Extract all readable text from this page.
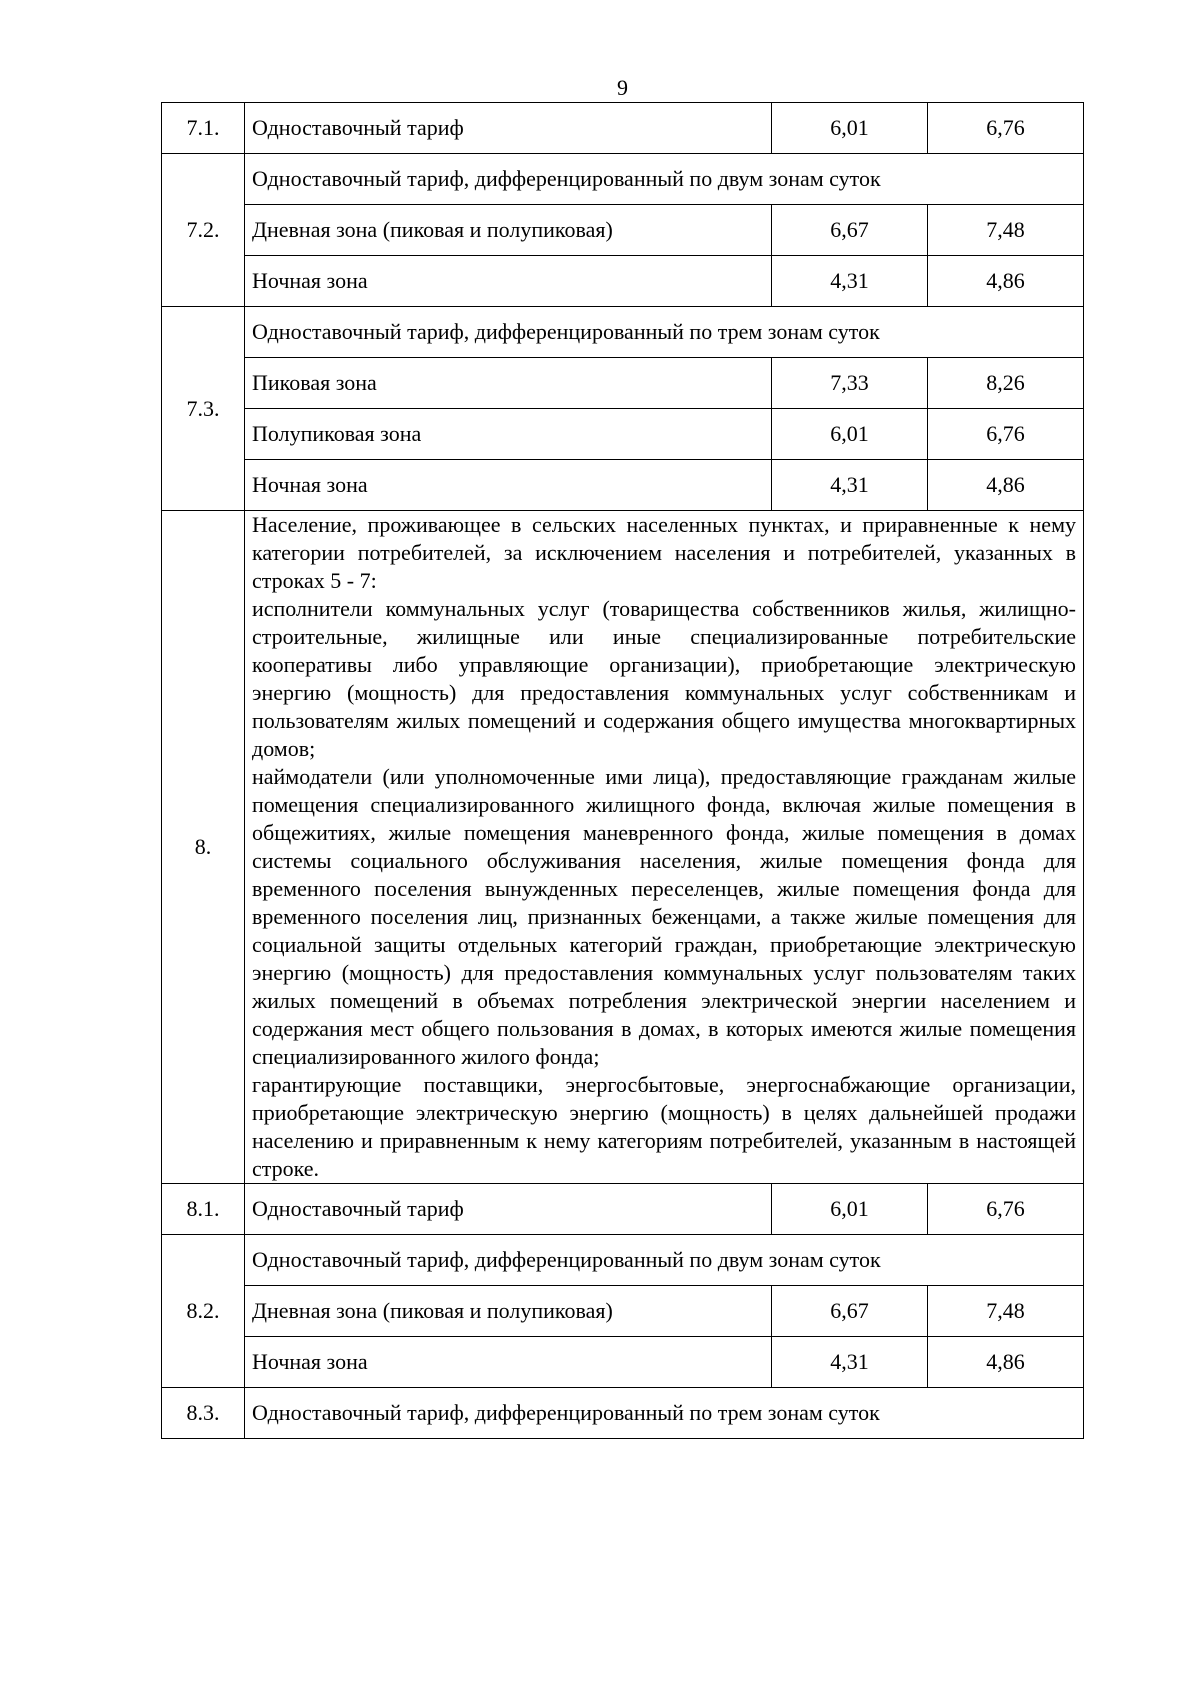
9
7.1.	Одноставочный тариф	6,01	6,76
7.2.	Одноставочный тариф, дифференцированный по двум зонам суток		
	Дневная зона (пиковая и полупиковая)	6,67	7,48
	Ночная зона	4,31	4,86
7.3.	Одноставочный тариф, дифференцированный по трем зонам суток		
	Пиковая зона	7,33	8,26
	Полупиковая зона	6,01	6,76
	Ночная зона	4,31	4,86
8.	Население, проживающее в сельских населенных пунктах, и приравненные к нему категории потребителей, за исключением населения и потребителей, указанных в строках 5 - 7:

исполнители коммунальных услуг (товарищества собственников жилья, жилищно-строительные, жилищные или иные специализированные потребительские кооперативы либо управляющие организации), приобретающие электрическую энергию (мощность) для предоставления коммунальных услуг собственникам и пользователям жилых помещений и содержания общего имущества многоквартирных домов;

наймодатели (или уполномоченные ими лица), предоставляющие гражданам жилые помещения специализированного жилищного фонда, включая жилые помещения в общежитиях, жилые помещения маневренного фонда, жилые помещения в домах системы социального обслуживания населения, жилые помещения фонда для временного поселения вынужденных переселенцев, жилые помещения фонда для временного поселения лиц, признанных беженцами, а также жилые помещения для социальной защиты отдельных категорий граждан, приобретающие электрическую энергию (мощность) для предоставления коммунальных услуг пользователям таких жилых помещений в объемах потребления электрической энергии населением и содержания мест общего пользования в домах, в которых имеются жилые помещения специализированного жилого фонда;

гарантирующие поставщики, энергосбытовые, энергоснабжающие организации, приобретающие электрическую энергию (мощность) в целях дальнейшей продажи населению и приравненным к нему категориям потребителей, указанным в настоящей строке.		

8.1.	Одноставочный тариф	6,01	6,76
8.2.	Одноставочный тариф, дифференцированный по двум зонам суток		
	Дневная зона (пиковая и полупиковая)	6,67	7,48
	Ночная зона	4,31	4,86
8.3.	Одноставочный тариф, дифференцированный по трем зонам суток		
